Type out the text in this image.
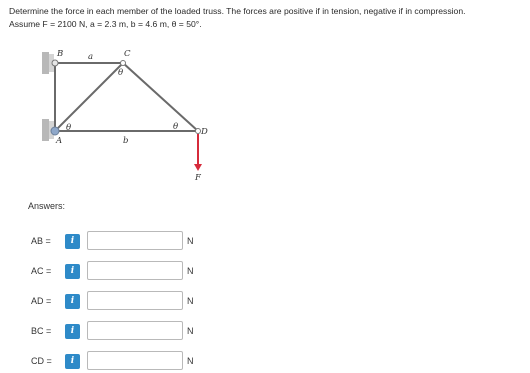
Determine the force in each member of the loaded truss. The forces are positive if in tension, negative if in compression.
Assume F = 2100 N, a = 2.3 m, b = 4.6 m, θ = 50°.
B	a	C
θ
θ	θ	D
A	b
F
Answers:
AB =	i	N
AC =	i	N
AD =	i	N
BC =	i	N
CD =	i	N
